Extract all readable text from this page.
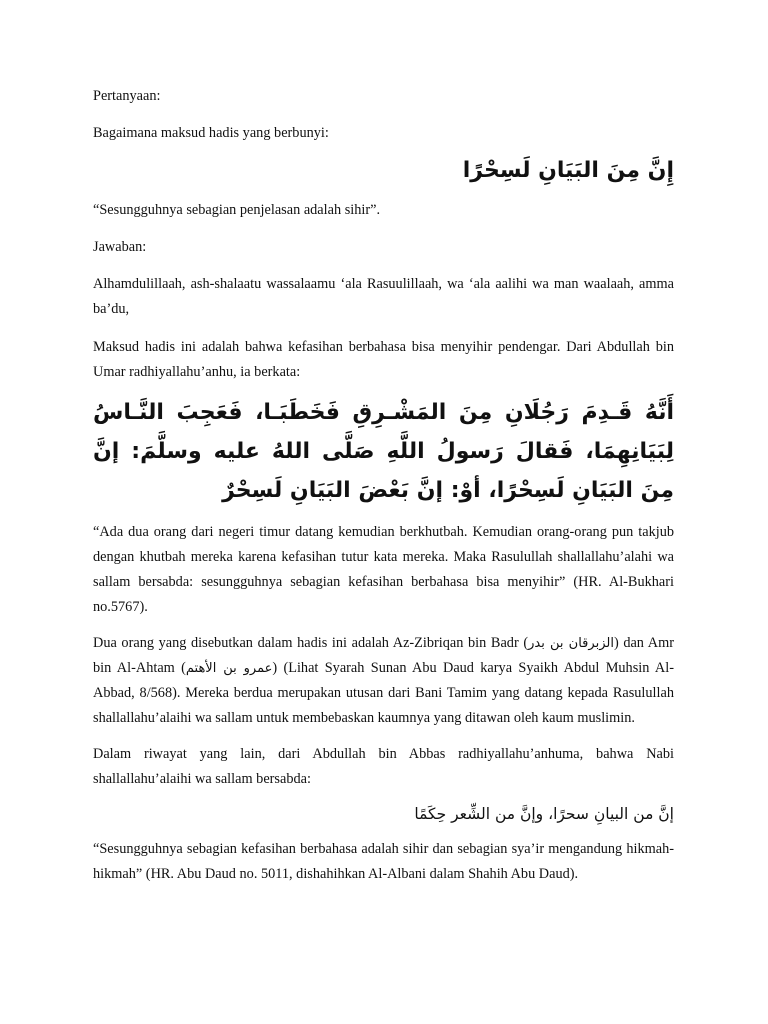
Pertanyaan:

Bagaimana maksud hadis yang berbunyi:

إِنَّ مِنَ البَيَانِ لَسِحْرًا

“Sesungguhnya sebagian penjelasan adalah sihir”.

Jawaban:

Alhamdulillaah, ash-shalaatu wassalaamu ‘ala Rasuulillaah, wa ‘ala aalihi wa man waalaah, amma ba’du,

Maksud hadis ini adalah bahwa kefasihan berbahasa bisa menyihir pendengar. Dari Abdullah bin Umar radhiyallahu’anhu, ia berkata:

أَنَّهُ قَـدِمَ رَجُلَانِ مِنَ المَشْـرِقِ فَخَطَبَـا، فَعَجِبَ النَّـاسُ لِبَيَانِهِمَا، فَقالَ رَسولُ اللَّهِ صَلَّى اللهُ عليه وسلَّمَ: إنَّ مِنَ البَيَانِ لَسِحْرًا، أوْ: إنَّ بَعْضَ البَيَانِ لَسِحْرٌ

“Ada dua orang dari negeri timur datang kemudian berkhutbah. Kemudian orang-orang pun takjub dengan khutbah mereka karena kefasihan tutur kata mereka. Maka Rasulullah shallallahu’alahi wa sallam bersabda: sesungguhnya sebagian kefasihan berbahasa bisa menyihir” (HR. Al-Bukhari no.5767).

Dua orang yang disebutkan dalam hadis ini adalah Az-Zibriqan bin Badr (الزبرقان بن بدر) dan Amr bin Al-Ahtam (عمرو بن الأهتم) (Lihat Syarah Sunan Abu Daud karya Syaikh Abdul Muhsin Al-Abbad, 8/568). Mereka berdua merupakan utusan dari Bani Tamim yang datang kepada Rasulullah shallallahu’alaihi wa sallam untuk membebaskan kaumnya yang ditawan oleh kaum muslimin.

Dalam riwayat yang lain, dari Abdullah bin Abbas radhiyallahu’anhuma, bahwa Nabi shallallahu’alaihi wa sallam bersabda:

إنَّ من البيانِ سحرًا، وإنَّ من الشِّعر حِكَمًا

“Sesungguhnya sebagian kefasihan berbahasa adalah sihir dan sebagian sya’ir mengandung hikmah-hikmah” (HR. Abu Daud no. 5011, dishahihkan Al-Albani dalam Shahih Abu Daud).
